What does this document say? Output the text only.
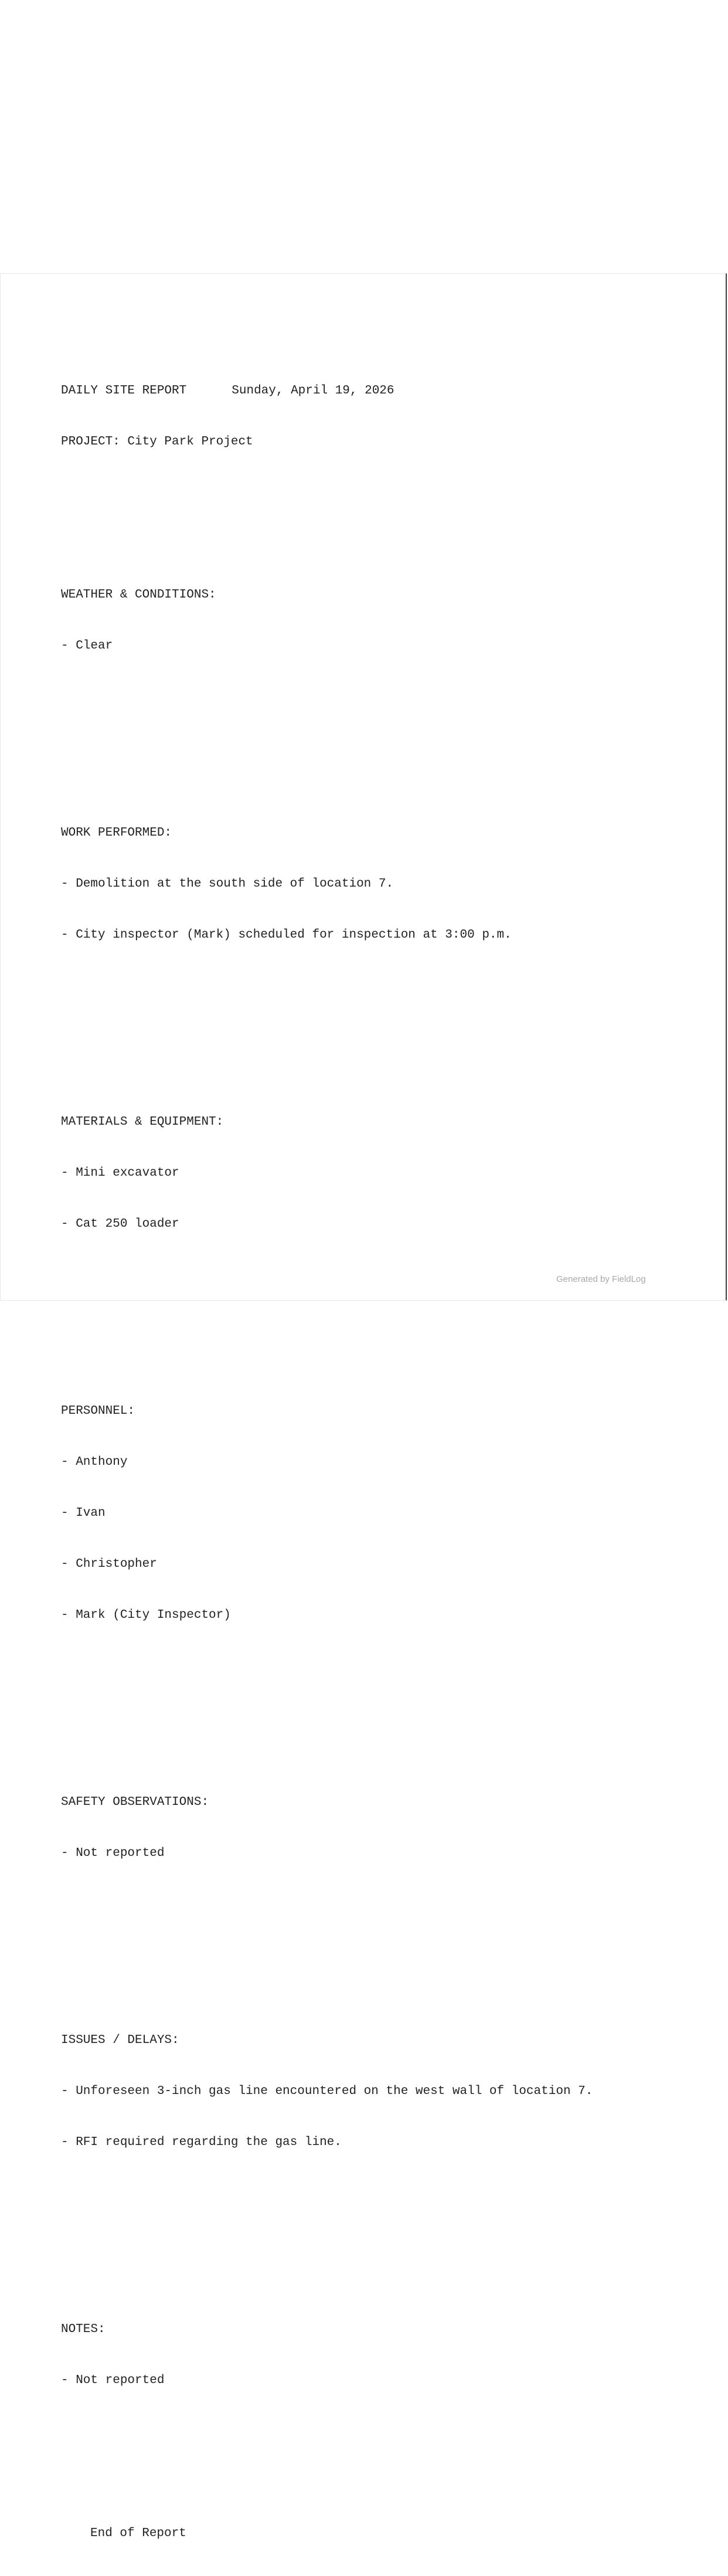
DAILY SITE REPORT	Sunday, April 19, 2026

PROJECT: City Park Project

WEATHER & CONDITIONS:

- Clear

WORK PERFORMED:

- Demolition at the south side of location 7.

- City inspector (Mark) scheduled for inspection at 3:00 p.m.

MATERIALS & EQUIPMENT:

- Mini excavator

- Cat 250 loader

PERSONNEL:

- Anthony

- Ivan

- Christopher

- Mark (City Inspector)

SAFETY OBSERVATIONS:

- Not reported

ISSUES / DELAYS:

- Unforeseen 3-inch gas line encountered on the west wall of location 7.

- RFI required regarding the gas line.

NOTES:

- Not reported

End of Report

Generated by FieldLog
